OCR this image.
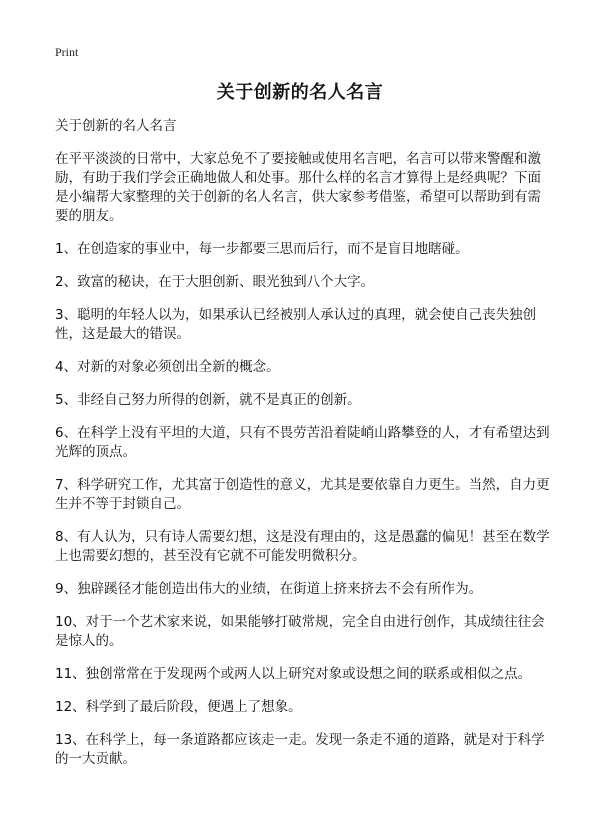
Print
关于创新的名人名言

关于创新的名人名言

在平平淡淡的日常中，大家总免不了要接触或使用名言吧，名言可以带来警醒和激励，有助于我们学会正确地做人和处事。那什么样的名言才算得上是经典呢？下面是小编帮大家整理的关于创新的名人名言，供大家参考借鉴，希望可以帮助到有需要的朋友。

1、在创造家的事业中，每一步都要三思而后行，而不是盲目地瞎碰。

2、致富的秘诀，在于大胆创新、眼光独到八个大字。

3、聪明的年轻人以为，如果承认已经被别人承认过的真理，就会使自己丧失独创性，这是最大的错误。

4、对新的对象必须创出全新的概念。

5、非经自己努力所得的创新，就不是真正的创新。

6、在科学上没有平坦的大道，只有不畏劳苦沿着陡峭山路攀登的人，才有希望达到光辉的顶点。

7、科学研究工作，尤其富于创造性的意义，尤其是要依靠自力更生。当然，自力更生并不等于封锁自己。

8、有人认为，只有诗人需要幻想，这是没有理由的，这是愚蠢的偏见！甚至在数学上也需要幻想的，甚至没有它就不可能发明微积分。

9、独辟蹊径才能创造出伟大的业绩，在街道上挤来挤去不会有所作为。

10、对于一个艺术家来说，如果能够打破常规，完全自由进行创作，其成绩往往会是惊人的。

11、独创常常在于发现两个或两人以上研究对象或设想之间的联系或相似之点。

12、科学到了最后阶段，便遇上了想象。

13、在科学上，每一条道路都应该走一走。发现一条走不通的道路，就是对于科学的一大贡献。
